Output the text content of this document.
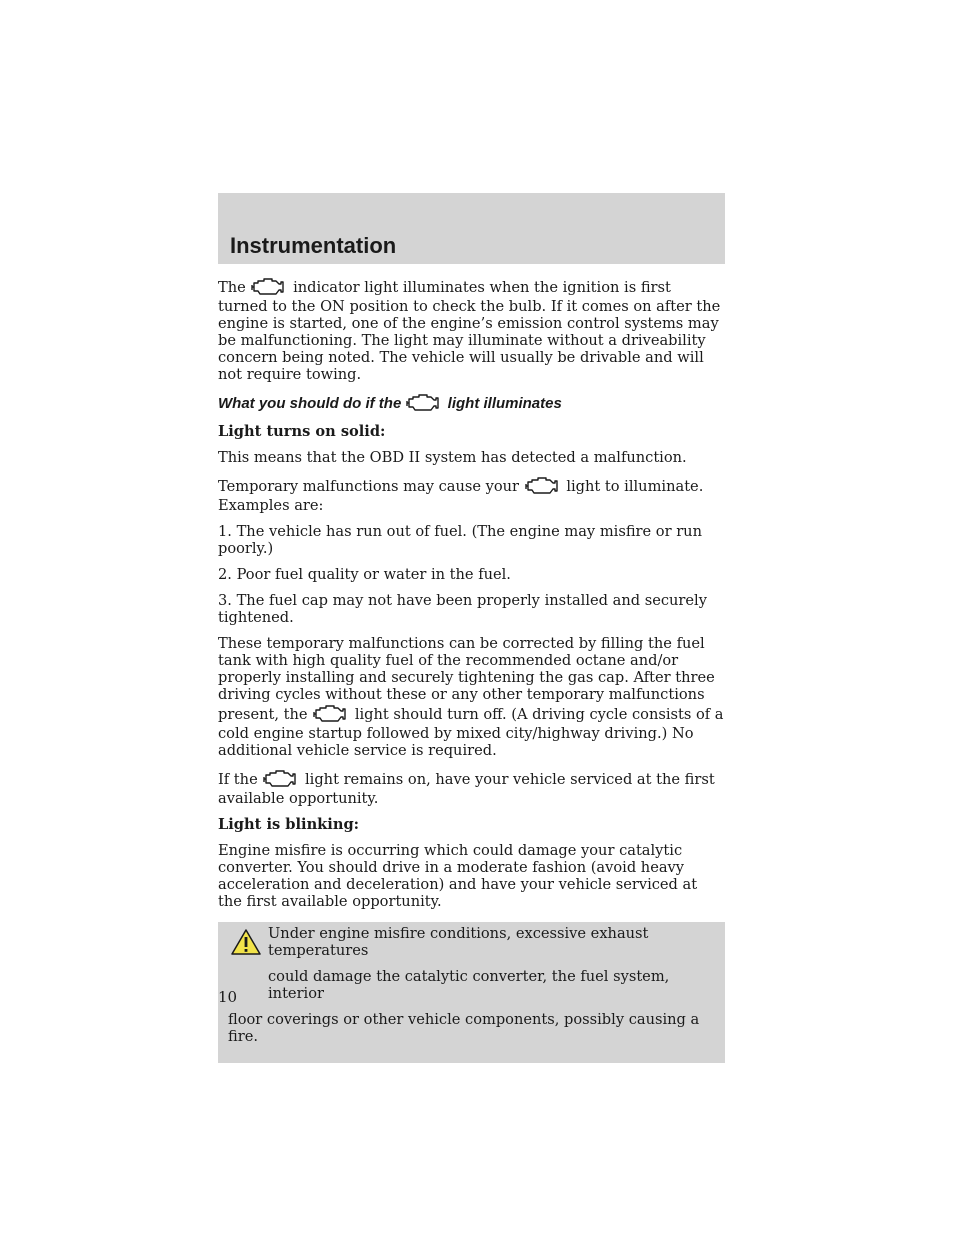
Instrumentation

The	indicator light illuminates when the ignition is first turned to the ON position to check the bulb. If it comes on after the engine is started, one of the engine’s emission control systems may be malfunctioning. The light may illuminate without a driveability concern being noted. The vehicle will usually be drivable and will not require towing.

What you should do if the	light illuminates

Light turns on solid:

This means that the OBD II system has detected a malfunction.

Temporary malfunctions may cause your	light to illuminate. Examples are:

1. The vehicle has run out of fuel. (The engine may misfire or run poorly.)

2. Poor fuel quality or water in the fuel.

3. The fuel cap may not have been properly installed and securely tightened.

These temporary malfunctions can be corrected by filling the fuel tank with high quality fuel of the recommended octane and/or properly installing and securely tightening the gas cap. After three driving cycles without these or any other temporary malfunctions present, the	light should turn off. (A driving cycle consists of a cold engine startup followed by mixed city/highway driving.) No additional vehicle service is required.

If the	light remains on, have your vehicle serviced at the first available opportunity.

Light is blinking:

Engine misfire is occurring which could damage your catalytic converter. You should drive in a moderate fashion (avoid heavy acceleration and deceleration) and have your vehicle serviced at the first available opportunity.

Under engine misfire conditions, excessive exhaust temperatures

could damage the catalytic converter, the fuel system, interior

floor coverings or other vehicle components, possibly causing a fire.

10
